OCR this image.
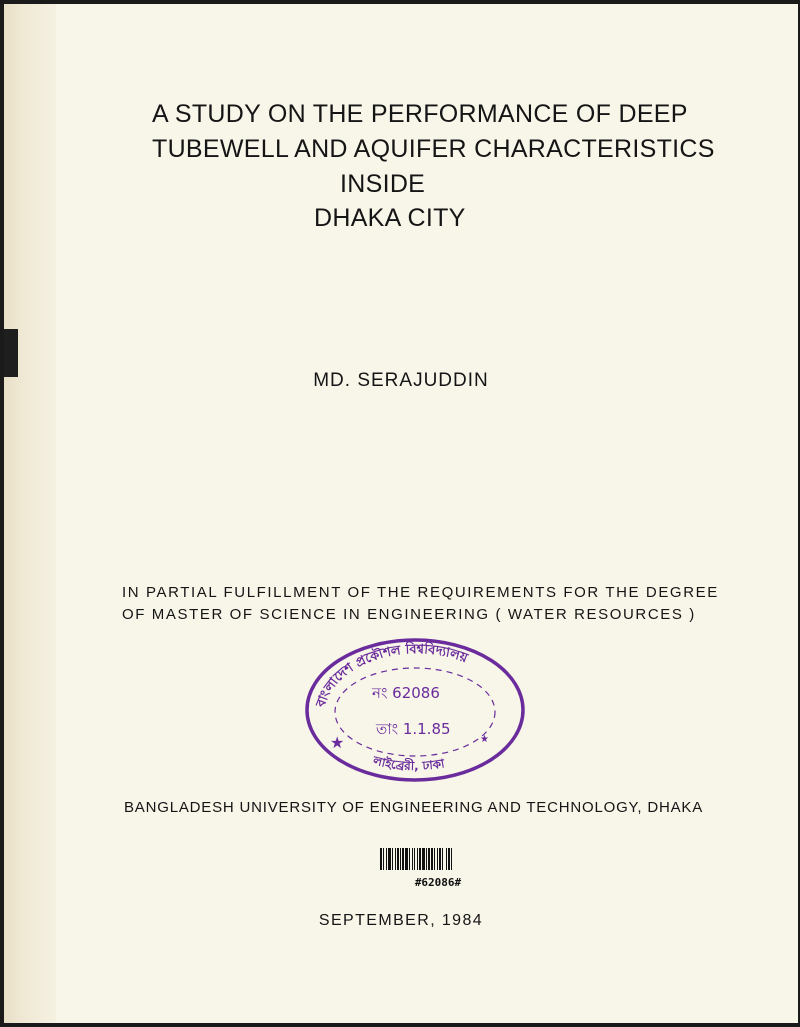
A STUDY ON THE PERFORMANCE OF DEEP
TUBEWELL AND AQUIFER CHARACTERISTICS
INSIDE
DHAKA CITY
MD. SERAJUDDIN
IN PARTIAL FULFILLMENT OF THE REQUIREMENTS FOR THE DEGREE
OF MASTER OF SCIENCE IN ENGINEERING ( WATER RESOURCES )
বাংলাদেশ প্রকৌশল বিশ্ববিদ্যালয়
নং 62086
তাং 1.1.85
★	★
লাইব্রেরী, ঢাকা
BANGLADESH UNIVERSITY OF ENGINEERING AND TECHNOLOGY, DHAKA
#62086#
SEPTEMBER, 1984
